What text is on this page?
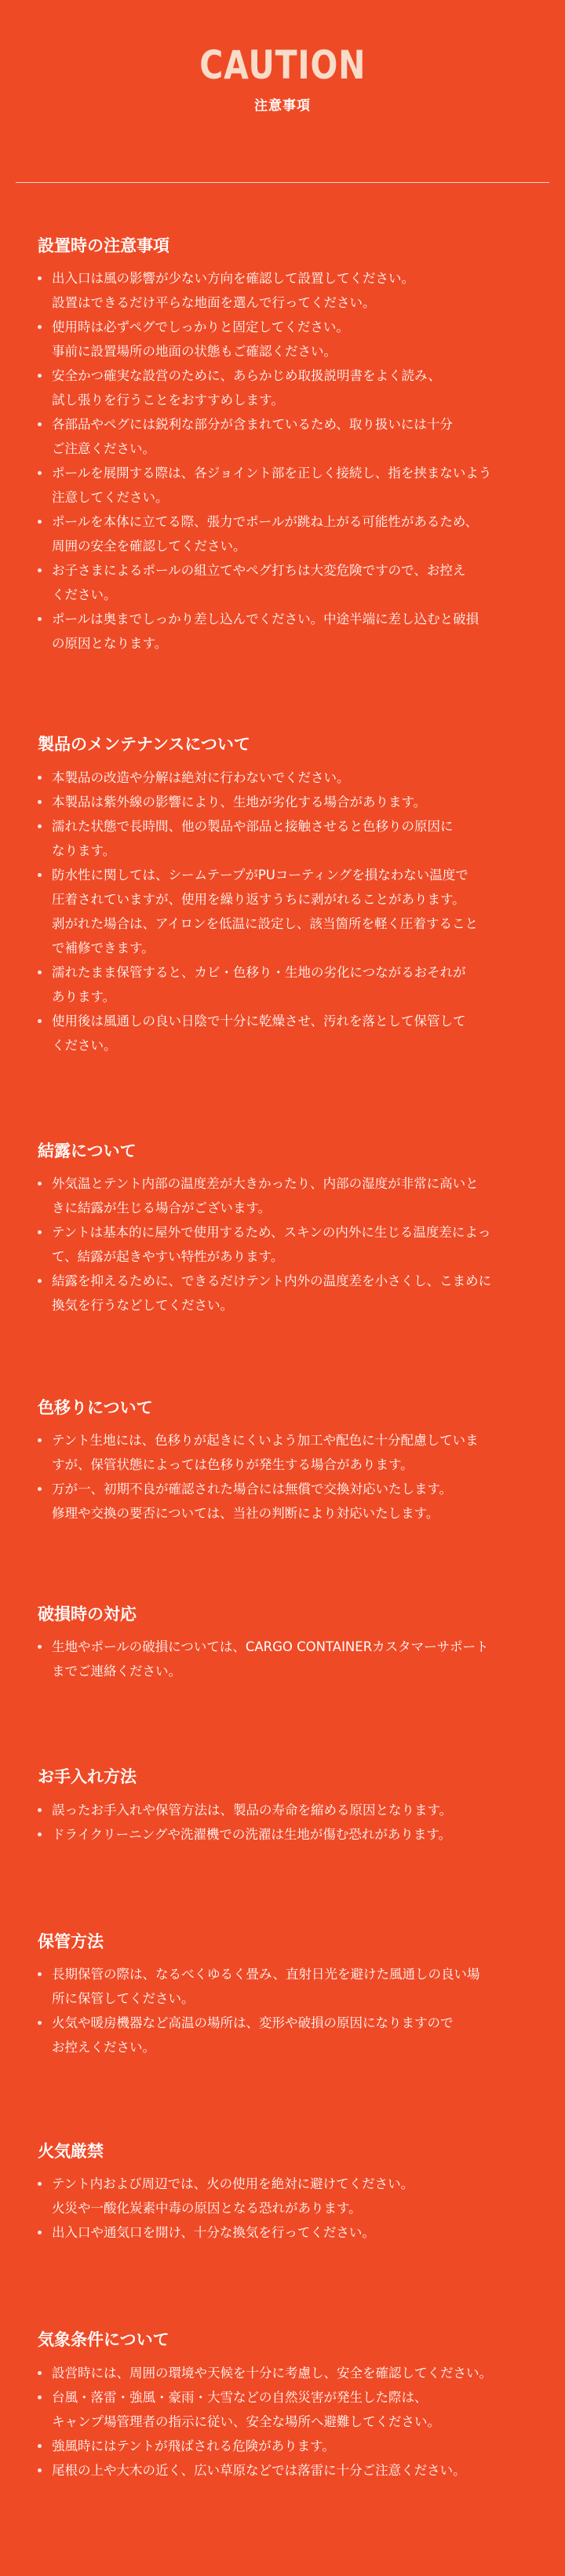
CAUTION
注意事項
設置時の注意事項
出入口は風の影響が少ない方向を確認して設置してください。
設置はできるだけ平らな地面を選んで行ってください。
使用時は必ずペグでしっかりと固定してください。
事前に設置場所の地面の状態もご確認ください。
安全かつ確実な設営のために、あらかじめ取扱説明書をよく読み、
試し張りを行うことをおすすめします。
各部品やペグには鋭利な部分が含まれているため、取り扱いには十分
ご注意ください。
ポールを展開する際は、各ジョイント部を正しく接続し、指を挟まないよう
注意してください。
ポールを本体に立てる際、張力でポールが跳ね上がる可能性があるため、
周囲の安全を確認してください。
お子さまによるポールの組立てやペグ打ちは大変危険ですので、お控え
ください。
ポールは奥までしっかり差し込んでください。中途半端に差し込むと破損
の原因となります。
製品のメンテナンスについて
本製品の改造や分解は絶対に行わないでください。
本製品は紫外線の影響により、生地が劣化する場合があります。
濡れた状態で長時間、他の製品や部品と接触させると色移りの原因に
なります。
防水性に関しては、シームテープがPUコーティングを損なわない温度で
圧着されていますが、使用を繰り返すうちに剥がれることがあります。
剥がれた場合は、アイロンを低温に設定し、該当箇所を軽く圧着すること
で補修できます。
濡れたまま保管すると、カビ・色移り・生地の劣化につながるおそれが
あります。
使用後は風通しの良い日陰で十分に乾燥させ、汚れを落として保管して
ください。
結露について
外気温とテント内部の温度差が大きかったり、内部の湿度が非常に高いと
きに結露が生じる場合がございます。
テントは基本的に屋外で使用するため、スキンの内外に生じる温度差によっ
て、結露が起きやすい特性があります。
結露を抑えるために、できるだけテント内外の温度差を小さくし、こまめに
換気を行うなどしてください。
色移りについて
テント生地には、色移りが起きにくいよう加工や配色に十分配慮していま
すが、保管状態によっては色移りが発生する場合があります。
万が一、初期不良が確認された場合には無償で交換対応いたします。
修理や交換の要否については、当社の判断により対応いたします。
破損時の対応
生地やポールの破損については、CARGO CONTAINERカスタマーサポート
までご連絡ください。
お手入れ方法
誤ったお手入れや保管方法は、製品の寿命を縮める原因となります。
ドライクリーニングや洗濯機での洗濯は生地が傷む恐れがあります。
保管方法
長期保管の際は、なるべくゆるく畳み、直射日光を避けた風通しの良い場
所に保管してください。
火気や暖房機器など高温の場所は、変形や破損の原因になりますので
お控えください。
火気厳禁
テント内および周辺では、火の使用を絶対に避けてください。
火災や一酸化炭素中毒の原因となる恐れがあります。
出入口や通気口を開け、十分な換気を行ってください。
気象条件について
設営時には、周囲の環境や天候を十分に考慮し、安全を確認してください。
台風・落雷・強風・豪雨・大雪などの自然災害が発生した際は、
キャンプ場管理者の指示に従い、安全な場所へ避難してください。
強風時にはテントが飛ばされる危険があります。
尾根の上や大木の近く、広い草原などでは落雷に十分ご注意ください。
